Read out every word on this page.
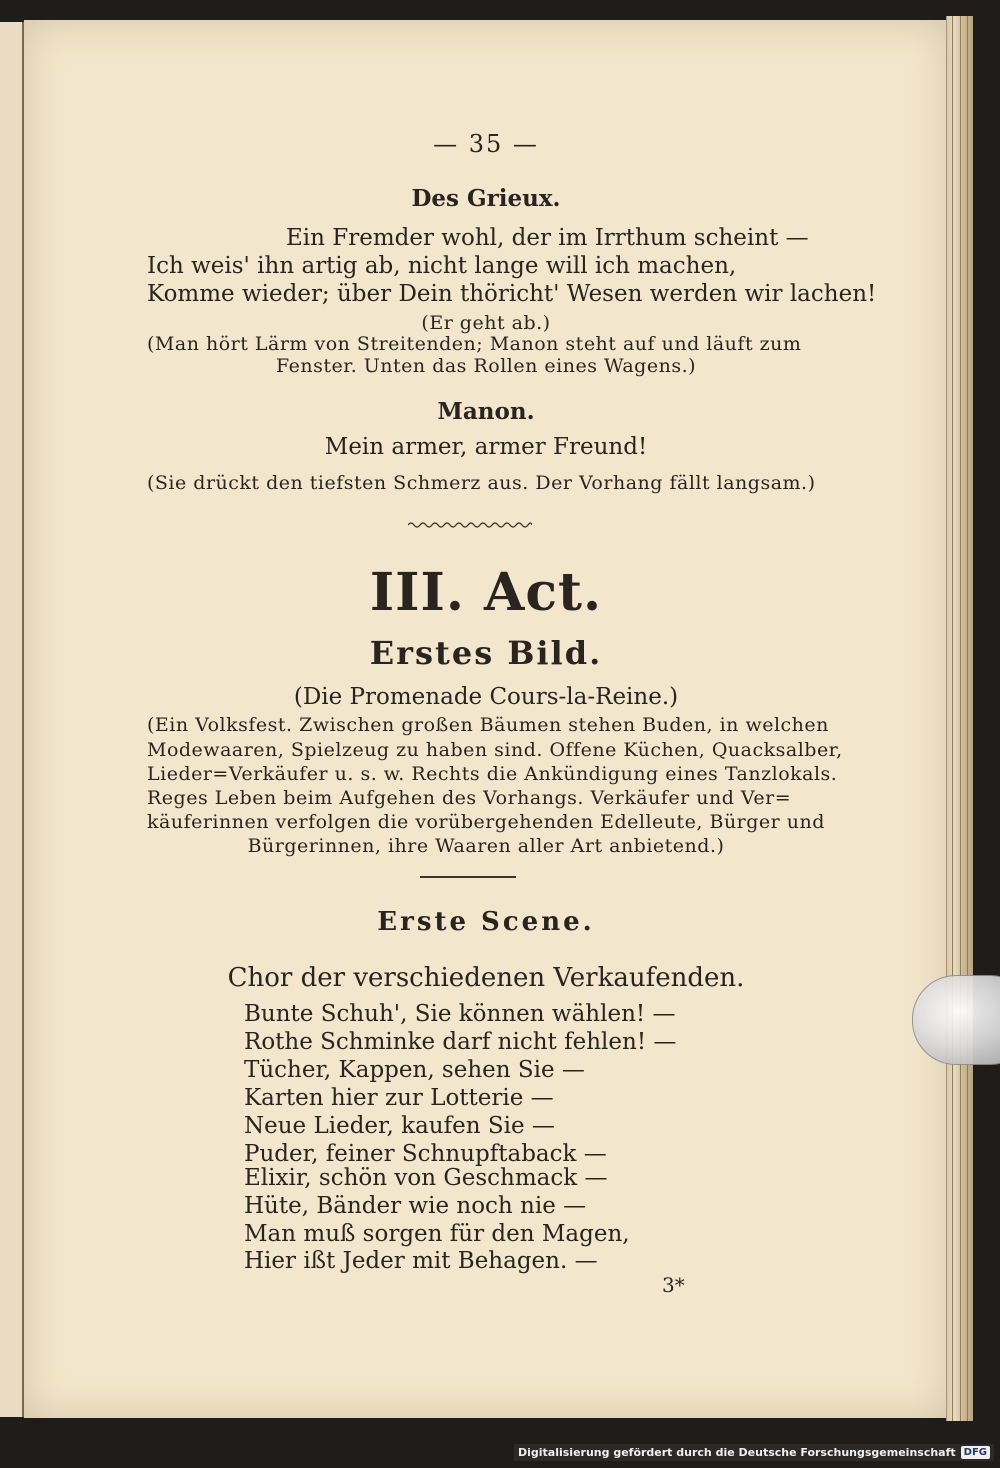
— 35 —
Des Grieux.
Ein Fremder wohl, der im Irrthum scheint —
Ich weis' ihn artig ab, nicht lange will ich machen,
Komme wieder; über Dein thöricht' Wesen werden wir lachen!
(Er geht ab.)
(Man hört Lärm von Streitenden; Manon steht auf und läuft zum
Fenster. Unten das Rollen eines Wagens.)
Manon.
Mein armer, armer Freund!
(Sie drückt den tiefsten Schmerz aus. Der Vorhang fällt langsam.)
III. Act.
Erstes Bild.
(Die Promenade Cours-la-Reine.)
(Ein Volksfest. Zwischen großen Bäumen stehen Buden, in welchen
Modewaaren, Spielzeug zu haben sind. Offene Küchen, Quacksalber,
Lieder=Verkäufer u. s. w. Rechts die Ankündigung eines Tanzlokals.
Reges Leben beim Aufgehen des Vorhangs. Verkäufer und Ver=
käuferinnen verfolgen die vorübergehenden Edelleute, Bürger und
Bürgerinnen, ihre Waaren aller Art anbietend.)
Erste Scene.
Chor der verschiedenen Verkaufenden.
Bunte Schuh', Sie können wählen! —
Rothe Schminke darf nicht fehlen! —
Tücher, Kappen, sehen Sie —
Karten hier zur Lotterie —
Neue Lieder, kaufen Sie —
Puder, feiner Schnupftaback —
Elixir, schön von Geschmack —
Hüte, Bänder wie noch nie —
Man muß sorgen für den Magen,
Hier ißt Jeder mit Behagen. —
3*
Digitalisierung gefördert durch die Deutsche Forschungsgemeinschaft DFG
